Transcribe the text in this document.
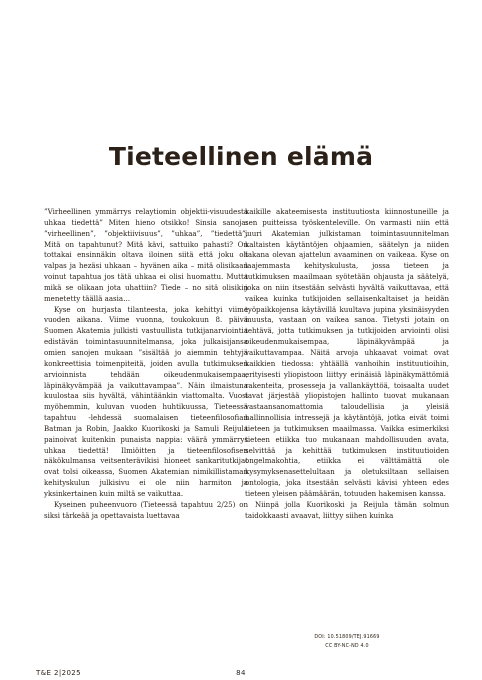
Tieteellinen elämä

”Virheellinen ymmärrys relaytiomin objektii-visuudesta uhkaa tiedettä” Miten hieno otsikko! Sinsia sanoja: ”virheellinen”, ”objektiivisuus”, ”uhkaa”, ”tiedettä”. Mitä on tapahtunut? Mitä kävi, sattuiko pahasti? On tottakai ensinnäkin oltava iloinen siitä että joku oli valpas ja hezäsi uhkaan – hyvänen aika – mitä olisikaan voinut tapahtua jos tätä uhkaa ei olisi huomattu. Mutta mikä se olikaan jota uhattiin? Tiede – no sitä olisikin menetetty täällä aasia…

Kyse on hurjasta tilanteesta, joka kehittyi viime vuoden aikana. Viime vuonna, toukokuun 8. päivä Suomen Akatemia julkisti vastuullista tutkijanarviointia edistävän toimintasuunnitelmansa, joka julkaisijansa omien sanojen mukaan ”sisältää jo aiemmin tehtyjä konkreettisia toimenpiteitä, joiden avulla tutkimuksen arvioinnista tehdään oikeudenmukaisempaa, läpinäkyvämpää ja vaikuttavampaa”. Näin ilmaistuna kuulostaa siis hyvältä, vähintäänkin viattomalta. Vuosi myöhemmin, kuluvan vuoden huhtikuussa, Tieteessä tapahtuu -lehdessä suomalaisen tieteenfilosofian Batman ja Robin, Jaakko Kuorikoski ja Samuli Reijula painoivat kuitenkin punaista nappia: väärä ymmärrys uhkaa tiedettä! Ilmiöitten ja tieteenfilosofisen näkökulmansa veitsenterävikisi hioneet sankaritutkijat ovat tolsi oikeassa, Suomen Akatemian nimikillistaman kehityskulun julkisivu ei ole niin harmiton ja yksinkertainen kuin miltä se vaikuttaa.

Kyseinen puheenvuoro (Tieteessä tapahtuu 2/25) on siksi tärkeää ja opettavaista luettavaa

kaikille akateemisesta instituutiosta kiinnostuneille ja sen puitteissa työskenteleville. On varmasti niin että juuri Akatemian julkistaman toimintasuunnitelman kaltaisten käytäntöjen ohjaamien, säätelyn ja niiden takana olevan ajattelun avaaminen on vaikeaa. Kyse on laajemmasta kehityskulusta, jossa tieteen ja tutkimuksen maailmaan syötetään ohjausta ja säätelyä, joka on niin itsestään selvästi hyvältä vaikuttavaa, että vaikea kuinka tutkijoiden sellaisenkaltaiset ja heidän työpaikkojensa käytävillä kuultava jupina yksinäisyyden muusta, vastaan on vaikea sanoa. Tietysti jotain on tehtävä, jotta tutkimuksen ja tutkijoiden arviointi olisi oikeudenmukaisempaa, läpinäkyvämpää ja vaikuttavampaa. Näitä arvoja uhkaavat voimat ovat kaikkien tiedossa: yhtäällä vanhoihin instituutioihin, erityisesti yliopistoon liittyy erinäisiä läpinäkymättömiä rakenteita, prosesseja ja vallankäyttöä, toisaalta uudet tavat järjestää yliopistojen hallinto tuovat mukanaan vastaansanomattomia taloudellisia ja yleisiä hallinnollisia intressejä ja käytäntöjä, jotka eivät toimi tieteen ja tutkimuksen maailmassa. Vaikka esimerkiksi tieteen etiikka tuo mukanaan mahdollisuuden avata, selvittää ja kehittää tutkimuksen instituutioiden ongelmakohtia, etiikka ei välttämättä ole kysymyksenasettelultaan ja oletuksiltaan sellaisen ontologia, joka itsestään selvästi kävisi yhteen edes tieteen yleisen päämäärän, totuuden hakemisen kanssa.

Niinpä jolla Kuorikoski ja Reijula tämän solmun taidokkaasti avaavat, liittyy siihen kuinka

DOI: 10.51809/TEJ.91669
CC BY-NC-ND 4.0
T&E 2|2025	84
